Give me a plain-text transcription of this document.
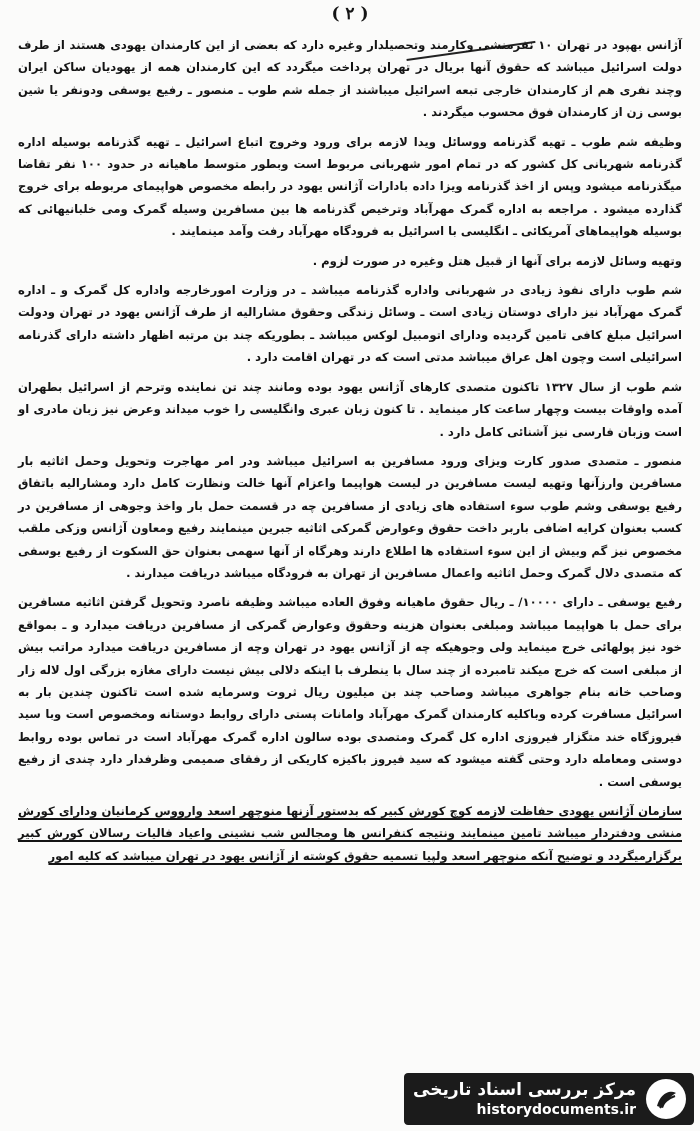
( ۲ )

آژانس بهپود در تهران ۱۰ نفرمنشی وکارمند وتحصیلدار وغیره دارد که بعضی از این کارمندان یهودی هستند از طرف دولت اسرائیل میباشد که حقوق آنها بریال در تهران پرداخت میگردد که این کارمندان همه از یهودیان ساکن ایران وچند نفری هم از کارمندان خارجی تبعه اسرائیل میباشند از جمله شم طوب ـ منصور ـ رفیع یوسفی ودونفر یا شین بوسی زن از کارمندان فوق محسوب میگردند .

وظیفه شم طوب ـ تهیه گذرنامه ووسائل ویدا لازمه برای ورود وخروج اتباع اسرائیل ـ تهیه گذرنامه بوسیله اداره گذرنامه شهربانی کل کشور که در تمام امور شهربانی مربوط است وبطور متوسط ماهیانه در حدود ۱۰۰ نفر تقاضا میگذرنامه میشود وپس از اخذ گذرنامه ویزا داده بادارات آژانس یهود در رابطه مخصوص هواپیمای مربوطه برای خروج گذارده میشود . مراجعه به اداره گمرک مهرآباد وترخیص گذرنامه ها بین مسافرین وسیله گمرک ومی خلبانیهائی که بوسیله هواپیماهای آمریکائی ـ انگلیسی با اسرائیل به فرودگاه مهرآباد رفت وآمد مینمایند .

وتهیه وسائل لازمه برای آنها از قبیل هتل وغیره در صورت لزوم .

شم طوب دارای نفوذ زیادی در شهربانی واداره گذرنامه میباشد ـ در وزارت امورخارجه واداره کل گمرک و ـ اداره گمرک مهرآباد نیز دارای دوستان زیادی است ـ وسائل زندگی وحقوق مشارالیه از طرف آژانس یهود در تهران ودولت اسرائیل مبلغ کافی تامین گردیده ودارای اتومبیل لوکس میباشد ـ بطوریکه چند بن مرتبه اظهار داشته دارای گذرنامه اسرائیلی است وچون اهل عراق میباشد مدتی است که در تهران اقامت دارد .

شم طوب از سال ۱۳۲۷ تاکنون متصدی کارهای آژانس یهود بوده ومانند چند تن نماینده وترحم از اسرائیل بطهران آمده واوقات بیست وچهار ساعت کار مینماید . تا کنون زبان عبری وانگلیسی را خوب میداند وعرض نیز زبان مادری او است وزبان فارسی نیز آشنائی کامل دارد .

منصور ـ متصدی صدور کارت ویزای ورود مسافرین به اسرائیل میباشد ودر امر مهاجرت وتحویل وحمل اثاثیه بار مسافرین وارزآنها وتهیه لیست مسافرین در لیست هواپیما واعزام آنها خالت ونظارت کامل دارد ومشارالیه باتفاق رفیع یوسفی وشم طوب سوء استفاده های زیادی از مسافرین چه در قسمت حمل بار واخذ وجوهی از مسافرین در کسب بعنوان کرایه اضافی باربر داخت حقوق وعوارض گمرکی اثاثیه جبرین مینمایند رفیع ومعاون آژانس وزکی ملقب مخصوص نیز گم وبیش از این سوء استفاده ها اطلاع دارند وهرگاه از آنها سهمی بعنوان حق السکوت از رفیع یوسفی که متصدی دلال گمرک وحمل اثاثیه واعمال مسافرین از تهران به فرودگاه میباشد دریافت میدارند .

رفیع یوسفی ـ دارای ۱۰۰۰۰/ ـ ریال حقوق ماهیانه وفوق العاده میباشد وظیفه ناصرد وتحویل گرفتن اثاثیه مسافرین برای حمل با هواپیما میباشد ومبلغی بعنوان هزینه وحقوق وعوارض گمرکی از مسافرین دریافت میدارد و ـ بمواقع خود نیز پولهائی خرج مینماید ولی وجوهیکه چه از آژانس یهود در تهران وچه از مسافرین دریافت میدارد مراتب بیش از مبلغی است که خرج میکند تامبرده از چند سال با ینطرف با اینکه دلالی بیش نیست دارای مغازه بزرگی اول لاله زار وصاحب خانه بنام جواهری میباشد وصاحب چند بن میلیون ریال ثروت وسرمایه شده است تاکنون چندین بار به اسرائیل مسافرت کرده وباکلیه کارمندان گمرک مهرآباد وامانات پستی دارای روابط دوستانه ومخصوص است وبا سید فیروزگاه خند متگزار فیروزی اداره کل گمرک ومتصدی بوده سالون اداره گمرک مهرآباد است در تماس بوده روابط دوستی ومعامله دارد وحتی گفته میشود که سید فیروز باکیزه کاریکی از رفقای صمیمی وظرفدار دارد چندی از رفیع یوسفی است .

سازمان آژانس یهودی حفاظت لازمه کوچ کورش کبیر که بدستور آزنها منوچهر اسعد وارووس کرمانیان ودارای کورش منشی ودفتردار میباشد تامین مینمایند ونتیجه کنفرانس ها ومجالس شب نشینی واعیاد فالیات رسالان کورش کبیر برگزارمیگردد و توضیح آنکه منوچهر اسعد ولپیا تسمیه حقوق کوشته از آژانس یهود در تهران میباشد که کلیه امور

مرکز بررسی اسناد تاریخی
historydocuments.ir
